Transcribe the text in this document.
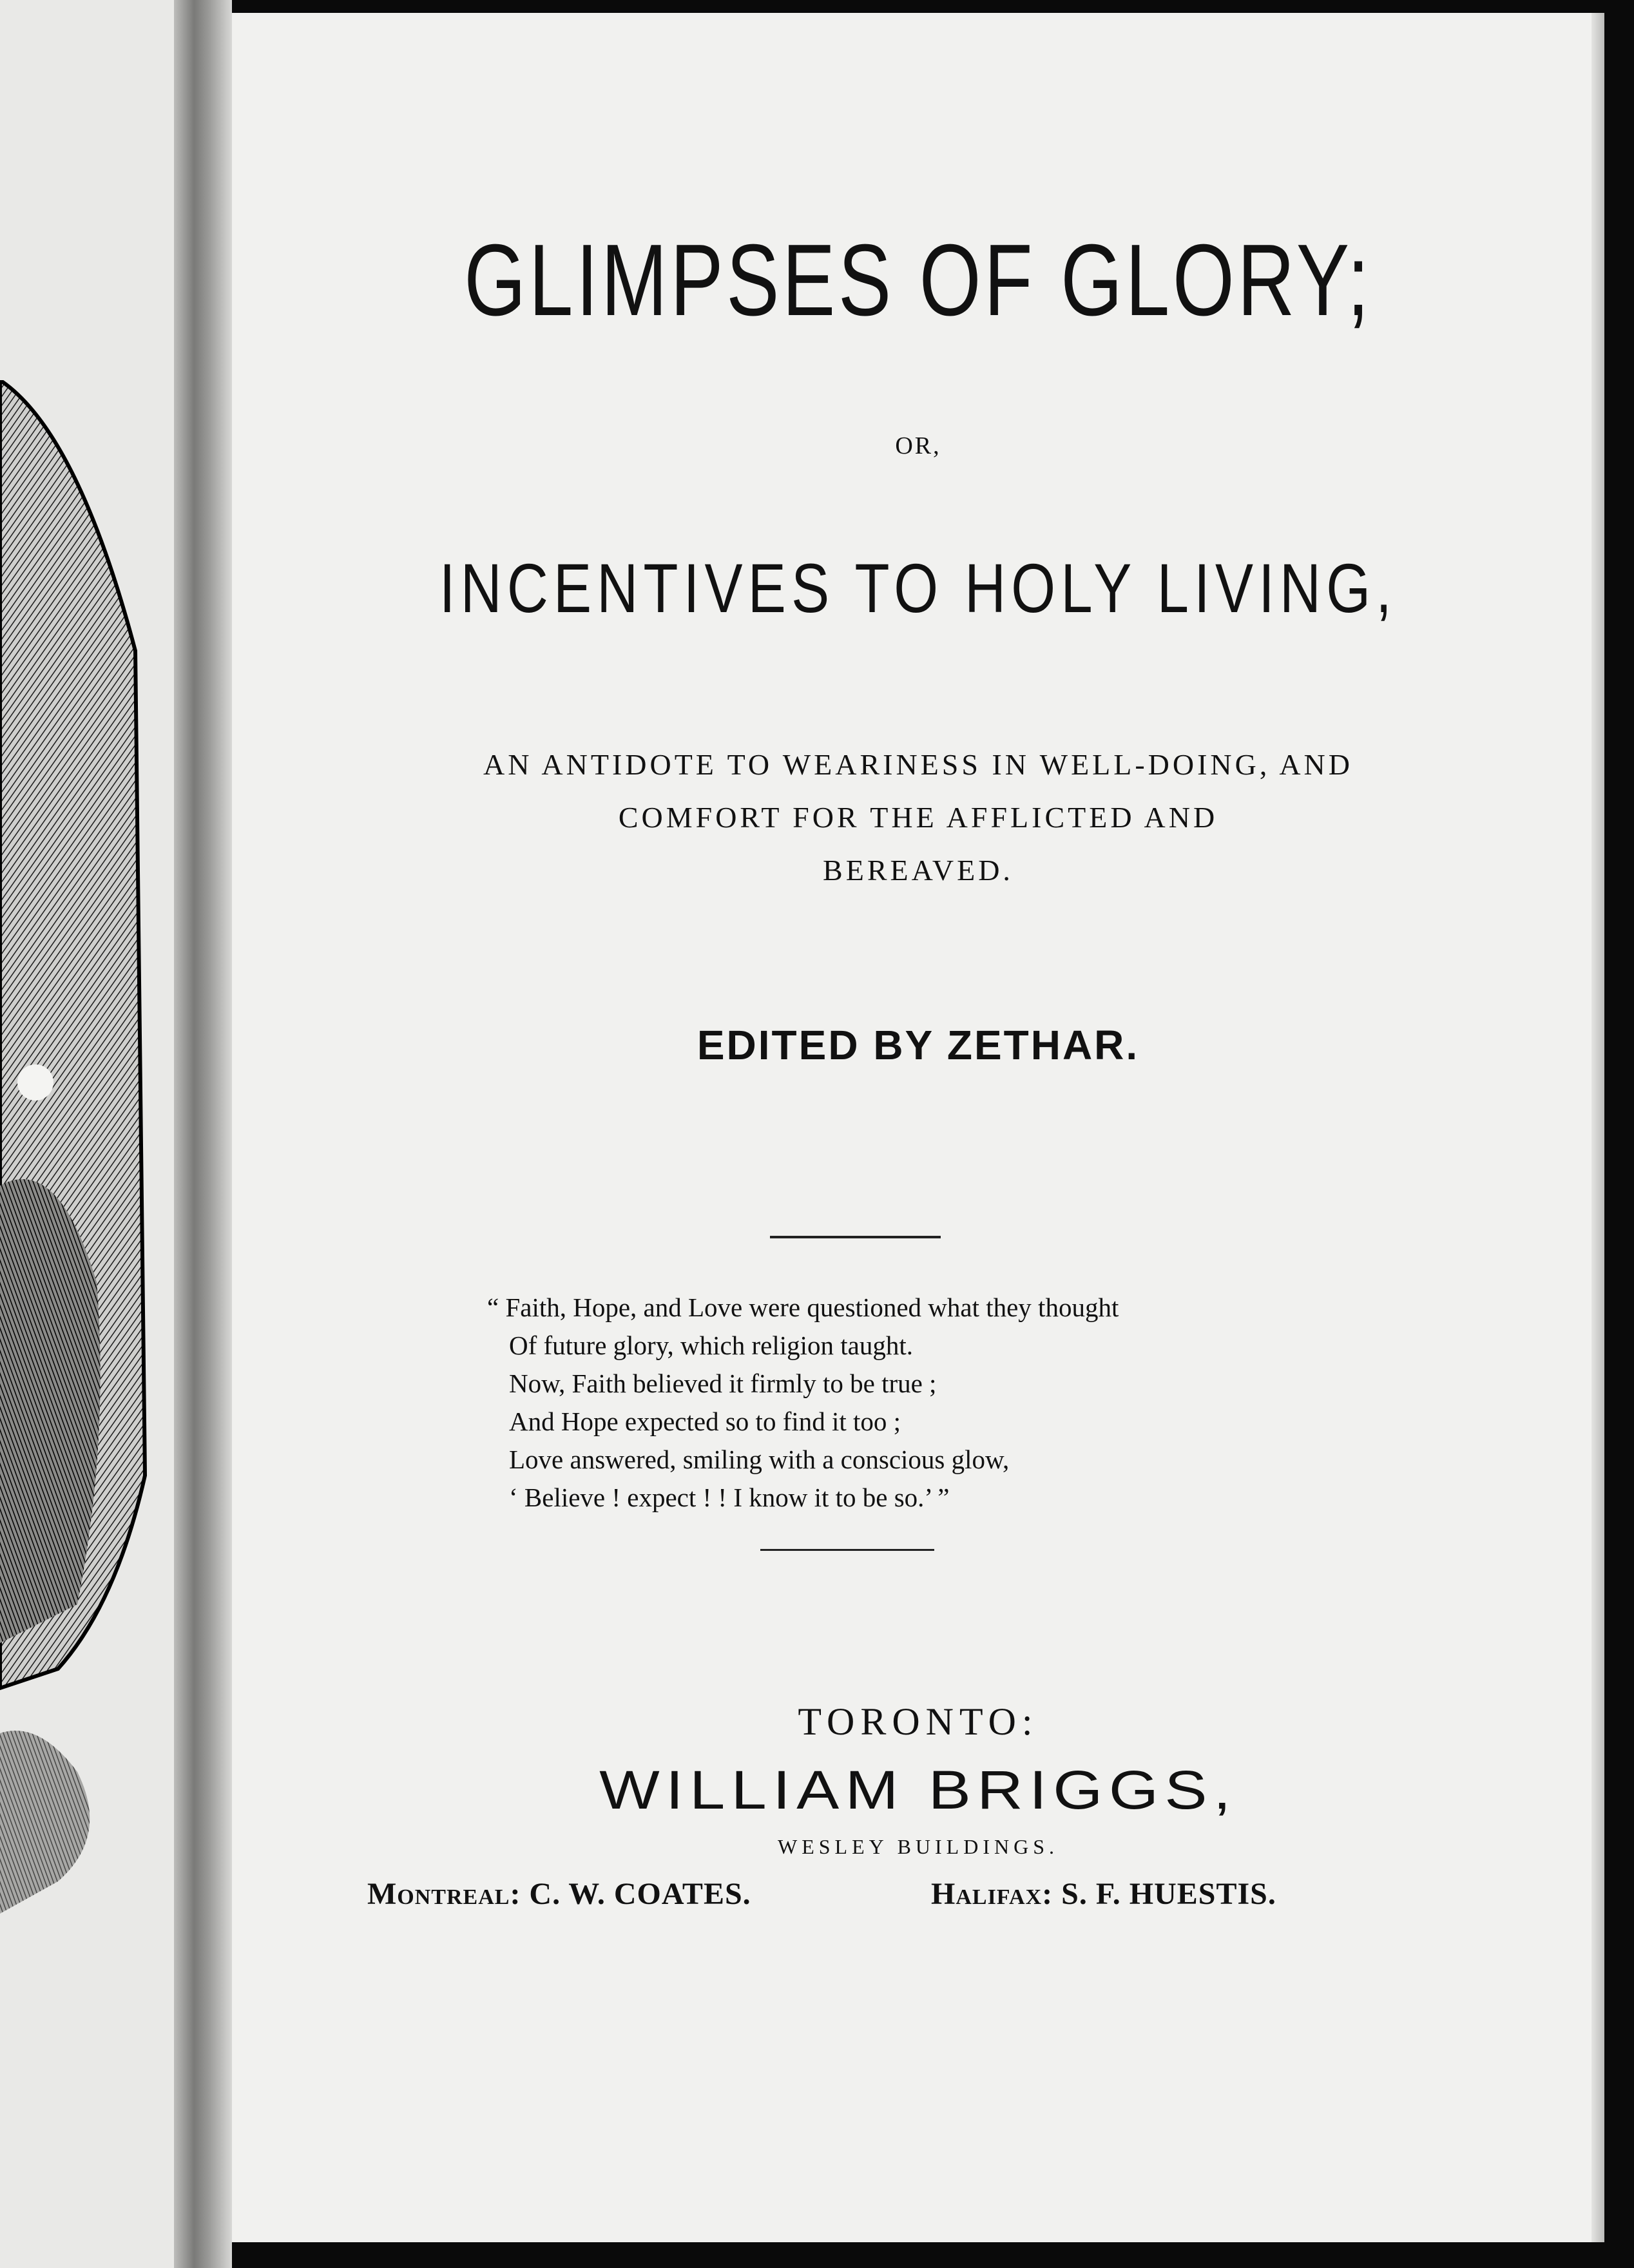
GLIMPSES OF GLORY;
OR,
INCENTIVES TO HOLY LIVING,
AN ANTIDOTE TO WEARINESS IN WELL-DOING, AND
COMFORT FOR THE AFFLICTED AND
BEREAVED.
EDITED BY ZETHAR.
“ Faith, Hope, and Love were questioned what they thought
Of future glory, which religion taught.
Now, Faith believed it firmly to be true ;
And Hope expected so to find it too ;
Love answered, smiling with a conscious glow,
‘ Believe ! expect ! ! I know it to be so.’ ”
TORONTO:
WILLIAM BRIGGS,
WESLEY BUILDINGS.
Montreal: C. W. COATES.	Halifax: S. F. HUESTIS.
